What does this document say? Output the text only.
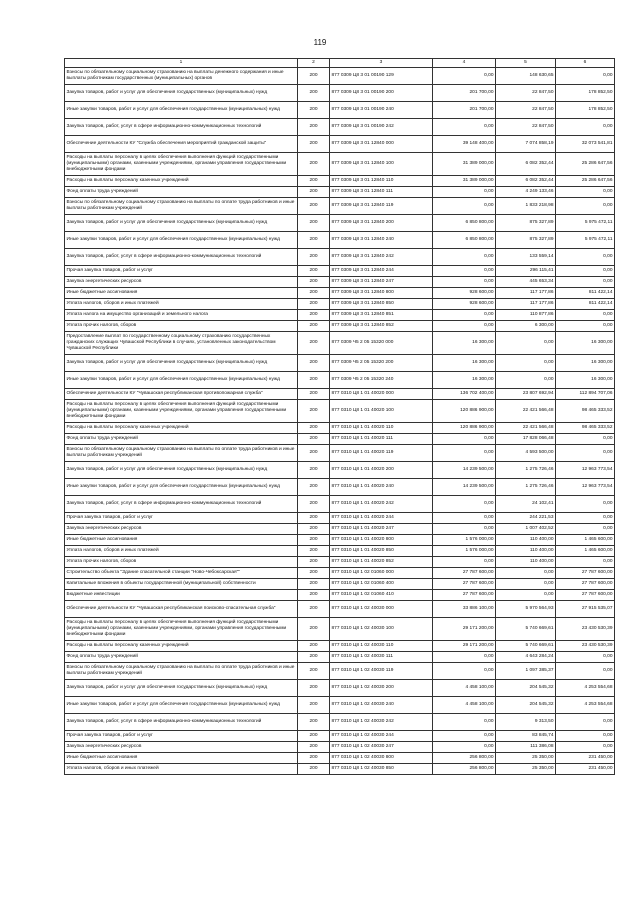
119
1	2	3	4	5	6
Взносы по обязательному социальному страхованию на выплаты денежного содержания и иные выплаты работникам государственных (муниципальных) органов	200	877 0309 Ц8 3 01 00190 129	0,00	148 630,65	0,00
Закупка товаров, работ и услуг для обеспечения государственных (муниципальных) нужд	200	877 0309 Ц8 3 01 00190 200	201 700,00	22 847,50	178 852,50
Иные закупки товаров, работ и услуг для обеспечения государственных (муниципальных) нужд	200	877 0309 Ц8 3 01 00190 240	201 700,00	22 847,50	178 852,50
Закупка товаров, работ, услуг в сфере информационно-коммуникационных технологий	200	877 0309 Ц8 3 01 00190 242	0,00	22 847,50	0,00
Обеспечение деятельности КУ "Служба обеспечения мероприятий гражданской защиты"	200	877 0309 Ц8 3 01 12840 000	39 148 400,00	7 074 858,19	32 073 541,81
Расходы на выплаты персоналу в целях обеспечения выполнения функций государственными (муниципальными) органами, казенными учреждениями, органами управления государственными внебюджетными фондами	200	877 0309 Ц8 3 01 12840 100	31 389 000,00	6 082 352,44	25 286 647,56
Расходы на выплаты персоналу казенных учреждений	200	877 0309 Ц8 3 01 12840 110	31 389 000,00	6 082 352,44	25 286 647,56
Фонд оплаты труда учреждений	200	877 0309 Ц8 3 01 12840 111	0,00	4 249 133,46	0,00
Взносы по обязательному социальному страхованию на выплаты по оплате труда работников и иные выплаты работникам учреждений	200	877 0309 Ц8 3 01 12840 119	0,00	1 833 218,98	0,00
Закупка товаров, работ и услуг для обеспечения государственных (муниципальных) нужд	200	877 0309 Ц8 3 01 12840 200	6 850 800,00	875 327,89	5 975 472,11
Иные закупки товаров, работ и услуг для обеспечения государственных (муниципальных) нужд	200	877 0309 Ц8 3 01 12840 240	6 850 800,00	875 327,89	5 975 472,11
Закупка товаров, работ, услуг в сфере информационно-коммуникационных технологий	200	877 0309 Ц8 3 01 12840 242	0,00	133 559,14	0,00
Прочая закупка товаров, работ и услуг	200	877 0309 Ц8 3 01 12840 244	0,00	296 115,41	0,00
Закупка энергетических ресурсов	200	877 0309 Ц8 3 01 12840 247	0,00	445 653,34	0,00
Иные бюджетные ассигнования	200	877 0309 Ц8 3 01 12840 800	928 600,00	117 177,86	811 422,14
Уплата налогов, сборов и иных платежей	200	877 0309 Ц8 3 01 12840 850	928 600,00	117 177,86	811 422,14
Уплата налога на имущество организаций и земельного налога	200	877 0309 Ц8 3 01 12840 851	0,00	110 877,86	0,00
Уплата прочих налогов, сборов	200	877 0309 Ц8 3 01 12840 852	0,00	6 300,00	0,00
Предоставление выплат по государственному социальному страхованию государственных гражданских служащих Чувашской Республики в случаях, установленных законодательством Чувашской Республики	200	877 0309 Ч5 2 05 15320 000	16 300,00	0,00	16 300,00
Закупка товаров, работ и услуг для обеспечения государственных (муниципальных) нужд	200	877 0309 Ч5 2 05 15320 200	16 300,00	0,00	16 300,00
Иные закупки товаров, работ и услуг для обеспечения государственных (муниципальных) нужд	200	877 0309 Ч5 2 05 15320 240	16 300,00	0,00	16 300,00
Обеспечение деятельности КУ "Чувашская республиканская противопожарная служба"	200	877 0310 Ц8 1 01 40020 000	136 702 400,00	23 807 692,94	112 894 707,06
Расходы на выплаты персоналу в целях обеспечения выполнения функций государственными (муниципальными) органами, казенными учреждениями, органами управления государственными внебюджетными фондами	200	877 0310 Ц8 1 01 40020 100	120 886 900,00	22 421 566,48	98 465 333,52
Расходы на выплаты персоналу казенных учреждений	200	877 0310 Ц8 1 01 40020 110	120 886 900,00	22 421 566,48	98 465 333,52
Фонд оплаты труда учреждений	200	877 0310 Ц8 1 01 40020 111	0,00	17 828 066,48	0,00
Взносы по обязательному социальному страхованию на выплаты по оплате труда работников и иные выплаты работникам учреждений	200	877 0310 Ц8 1 01 40020 119	0,00	4 593 500,00	0,00
Закупка товаров, работ и услуг для обеспечения государственных (муниципальных) нужд	200	877 0310 Ц8 1 01 40020 200	14 239 500,00	1 275 726,46	12 963 773,54
Иные закупки товаров, работ и услуг для обеспечения государственных (муниципальных) нужд	200	877 0310 Ц8 1 01 40020 240	14 239 500,00	1 275 726,46	12 963 773,54
Закупка товаров, работ, услуг в сфере информационно-коммуникационных технологий	200	877 0310 Ц8 1 01 40020 242	0,00	24 102,41	0,00
Прочая закупка товаров, работ и услуг	200	877 0310 Ц8 1 01 40020 244	0,00	244 221,53	0,00
Закупка энергетических ресурсов	200	877 0310 Ц8 1 01 40020 247	0,00	1 007 402,52	0,00
Иные бюджетные ассигнования	200	877 0310 Ц8 1 01 40020 800	1 576 000,00	110 400,00	1 465 600,00
Уплата налогов, сборов и иных платежей	200	877 0310 Ц8 1 01 40020 850	1 576 000,00	110 400,00	1 465 600,00
Уплата прочих налогов, сборов	200	877 0310 Ц8 1 01 40020 852	0,00	110 400,00	0,00
Строительство объекта "Здание спасательной станции "Ново-Чебоксарская""	200	877 0310 Ц8 1 02 01060 000	27 787 600,00	0,00	27 787 600,00
Капитальные вложения в объекты государственной (муниципальной) собственности	200	877 0310 Ц8 1 02 01060 400	27 787 600,00	0,00	27 787 600,00
Бюджетные инвестиции	200	877 0310 Ц8 1 02 01060 410	27 787 600,00	0,00	27 787 600,00
Обеспечение деятельности КУ "Чувашская республиканская поисково-спасательная служба"	200	877 0310 Ц8 1 02 40030 000	33 886 100,00	5 970 564,93	27 915 535,07
Расходы на выплаты персоналу в целях обеспечения выполнения функций государственными (муниципальными) органами, казенными учреждениями, органами управления государственными внебюджетными фондами	200	877 0310 Ц8 1 02 40030 100	29 171 200,00	5 740 669,61	23 430 530,39
Расходы на выплаты персоналу казенных учреждений	200	877 0310 Ц8 1 02 40030 110	29 171 200,00	5 740 669,61	23 430 530,39
Фонд оплаты труда учреждений	200	877 0310 Ц8 1 02 40030 111	0,00	4 643 284,24	0,00
Взносы по обязательному социальному страхованию на выплаты по оплате труда работников и иные выплаты работникам учреждений	200	877 0310 Ц8 1 02 40030 119	0,00	1 097 385,37	0,00
Закупка товаров, работ и услуг для обеспечения государственных (муниципальных) нужд	200	877 0310 Ц8 1 02 40030 200	4 458 100,00	204 545,32	4 253 554,68
Иные закупки товаров, работ и услуг для обеспечения государственных (муниципальных) нужд	200	877 0310 Ц8 1 02 40030 240	4 458 100,00	204 545,32	4 253 554,68
Закупка товаров, работ, услуг в сфере информационно-коммуникационных технологий	200	877 0310 Ц8 1 02 40030 242	0,00	9 313,50	0,00
Прочая закупка товаров, работ и услуг	200	877 0310 Ц8 1 02 40030 244	0,00	83 845,74	0,00
Закупка энергетических ресурсов	200	877 0310 Ц8 1 02 40030 247	0,00	111 386,08	0,00
Иные бюджетные ассигнования	200	877 0310 Ц8 1 02 40030 800	256 800,00	25 350,00	231 450,00
Уплата налогов, сборов и иных платежей	200	877 0310 Ц8 1 02 40030 850	256 800,00	25 350,00	231 450,00
